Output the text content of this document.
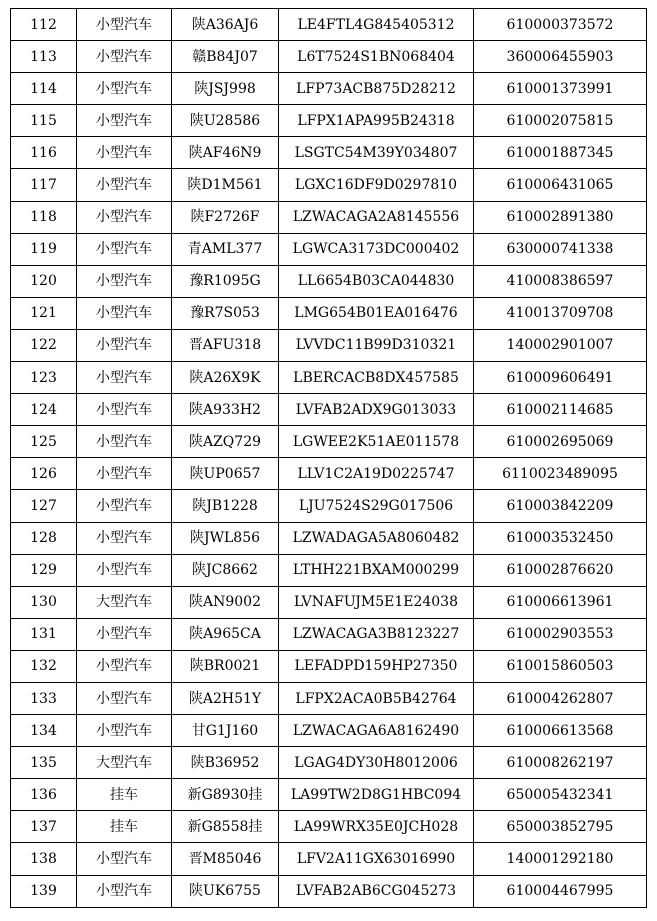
112	小型汽车	陕A36AJ6	LE4FTL4G845405312	610000373572
113	小型汽车	赣B84J07	L6T7524S1BN068404	360006455903
114	小型汽车	陕JSJ998	LFP73ACB875D28212	610001373991
115	小型汽车	陕U28586	LFPX1APA995B24318	610002075815
116	小型汽车	陕AF46N9	LSGTC54M39Y034807	610001887345
117	小型汽车	陕D1M561	LGXC16DF9D0297810	610006431065
118	小型汽车	陕F2726F	LZWACAGA2A8145556	610002891380
119	小型汽车	青AML377	LGWCA3173DC000402	630000741338
120	小型汽车	豫R1095G	LL6654B03CA044830	410008386597
121	小型汽车	豫R7S053	LMG654B01EA016476	410013709708
122	小型汽车	晋AFU318	LVVDC11B99D310321	140002901007
123	小型汽车	陕A26X9K	LBERCACB8DX457585	610009606491
124	小型汽车	陕A933H2	LVFAB2ADX9G013033	610002114685
125	小型汽车	陕AZQ729	LGWEE2K51AE011578	610002695069
126	小型汽车	陕UP0657	LLV1C2A19D0225747	6110023489095
127	小型汽车	陕JB1228	LJU7524S29G017506	610003842209
128	小型汽车	陕JWL856	LZWADAGA5A8060482	610003532450
129	小型汽车	陕JC8662	LTHH221BXAM000299	610002876620
130	大型汽车	陕AN9002	LVNAFUJM5E1E24038	610006613961
131	小型汽车	陕A965CA	LZWACAGA3B8123227	610002903553
132	小型汽车	陕BR0021	LEFADPD159HP27350	610015860503
133	小型汽车	陕A2H51Y	LFPX2ACA0B5B42764	610004262807
134	小型汽车	甘G1J160	LZWACAGA6A8162490	610006613568
135	大型汽车	陕B36952	LGAG4DY30H8012006	610008262197
136	挂车	新G8930挂	LA99TW2D8G1HBC094	650005432341
137	挂车	新G8558挂	LA99WRX35E0JCH028	650003852795
138	小型汽车	晋M85046	LFV2A11GX63016990	140001292180
139	小型汽车	陕UK6755	LVFAB2AB6CG045273	610004467995
